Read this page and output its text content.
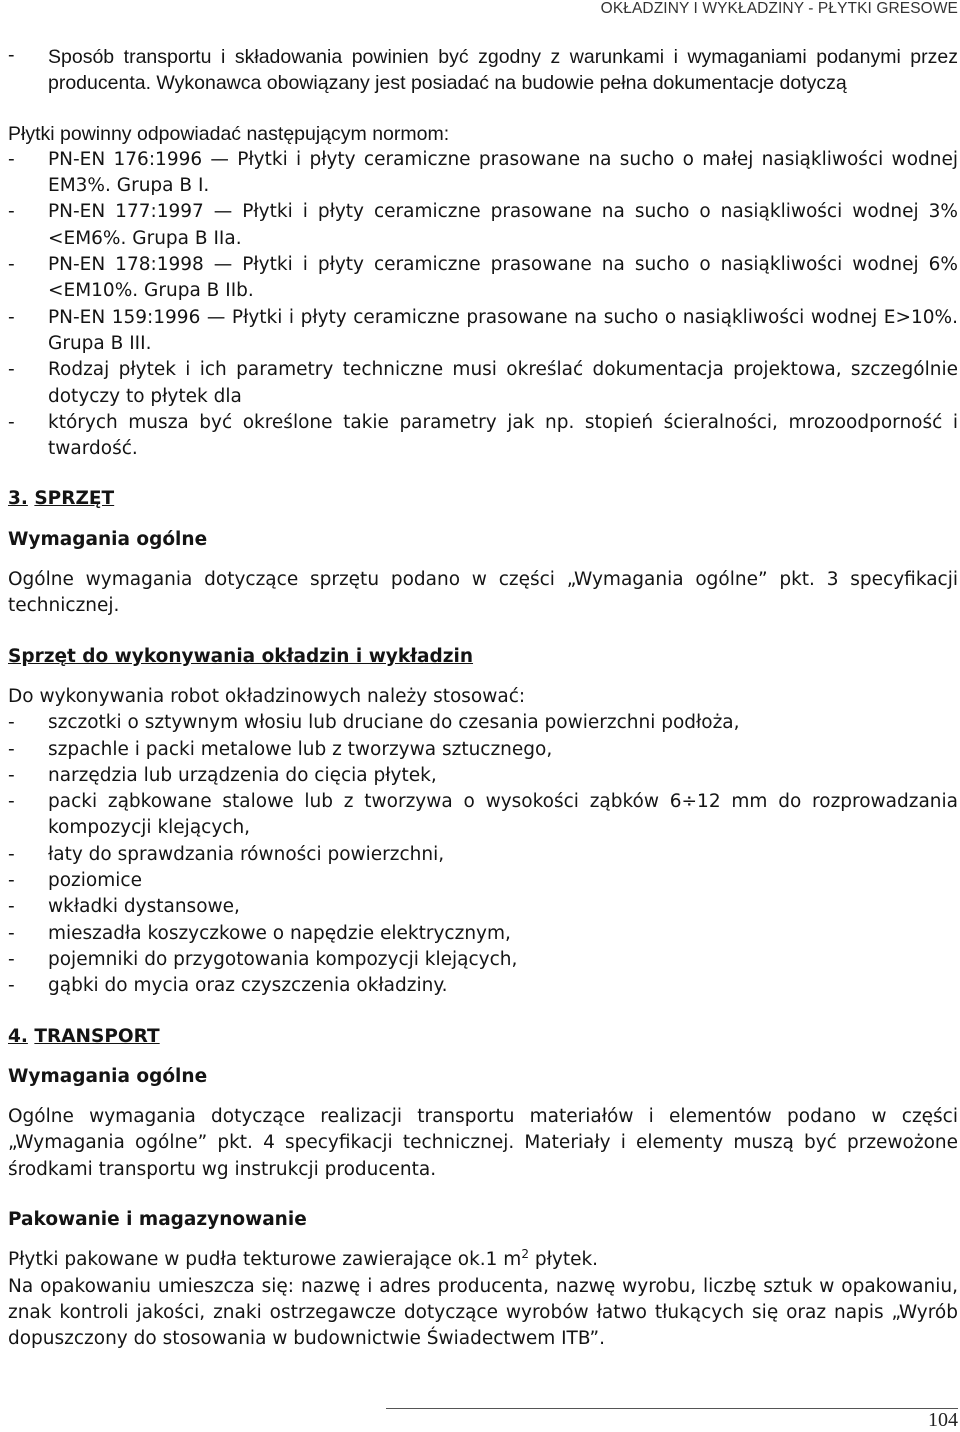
OKŁADZINY I WYKŁADZINY - PŁYTKI GRESOWE
-	Sposób transportu i składowania powinien być zgodny z warunkami i wymaganiami podanymi przez producenta. Wykonawca obowiązany jest posiadać na budowie pełna dokumentacje dotyczą
Płytki powinny odpowiadać następującym normom:
-	PN-EN 176:1996 — Płytki i płyty ceramiczne prasowane na sucho o małej nasiąkliwości wodnej EM3%. Grupa B I.
-	PN-EN 177:1997 — Płytki i płyty ceramiczne prasowane na sucho o nasiąkliwości wodnej 3%<EM6%. Grupa B IIa.
-	PN-EN 178:1998 — Płytki i płyty ceramiczne prasowane na sucho o nasiąkliwości wodnej 6%<EM10%. Grupa B IIb.
-	PN-EN 159:1996 — Płytki i płyty ceramiczne prasowane na sucho o nasiąkliwości wodnej E>10%. Grupa B III.
-	Rodzaj płytek i ich parametry techniczne musi określać dokumentacja projektowa, szczególnie dotyczy to płytek dla
-	których musza być określone takie parametry jak np. stopień ścieralności, mrozoodporność i twardość.
3. SPRZĘT
Wymagania ogólne
Ogólne wymagania dotyczące sprzętu podano w części „Wymagania ogólne” pkt. 3 specyfikacji technicznej.
Sprzęt do wykonywania okładzin i wykładzin
Do wykonywania robot okładzinowych należy stosować:
-	szczotki o sztywnym włosiu lub druciane do czesania powierzchni podłoża,
-	szpachle i packi metalowe lub z tworzywa sztucznego,
-	narzędzia lub urządzenia do cięcia płytek,
-	packi ząbkowane stalowe lub z tworzywa o wysokości ząbków 6÷12 mm do rozprowadzania kompozycji klejących,
-	łaty do sprawdzania równości powierzchni,
-	poziomice
-	wkładki dystansowe,
-	mieszadła koszyczkowe o napędzie elektrycznym,
-	pojemniki do przygotowania kompozycji klejących,
-	gąbki do mycia oraz czyszczenia okładziny.
4. TRANSPORT
Wymagania ogólne
Ogólne wymagania dotyczące realizacji transportu materiałów i elementów podano w części „Wymagania ogólne” pkt. 4 specyfikacji technicznej. Materiały i elementy muszą być przewożone środkami transportu wg instrukcji producenta.
Pakowanie i magazynowanie
Płytki pakowane w pudła tekturowe zawierające ok.1 $m^2$ płytek.
Na opakowaniu umieszcza się: nazwę i adres producenta, nazwę wyrobu, liczbę sztuk w opakowaniu, znak kontroli jakości, znaki ostrzegawcze dotyczące wyrobów łatwo tłukących się oraz napis „Wyrób dopuszczony do stosowania w budownictwie Świadectwem ITB”.
104
